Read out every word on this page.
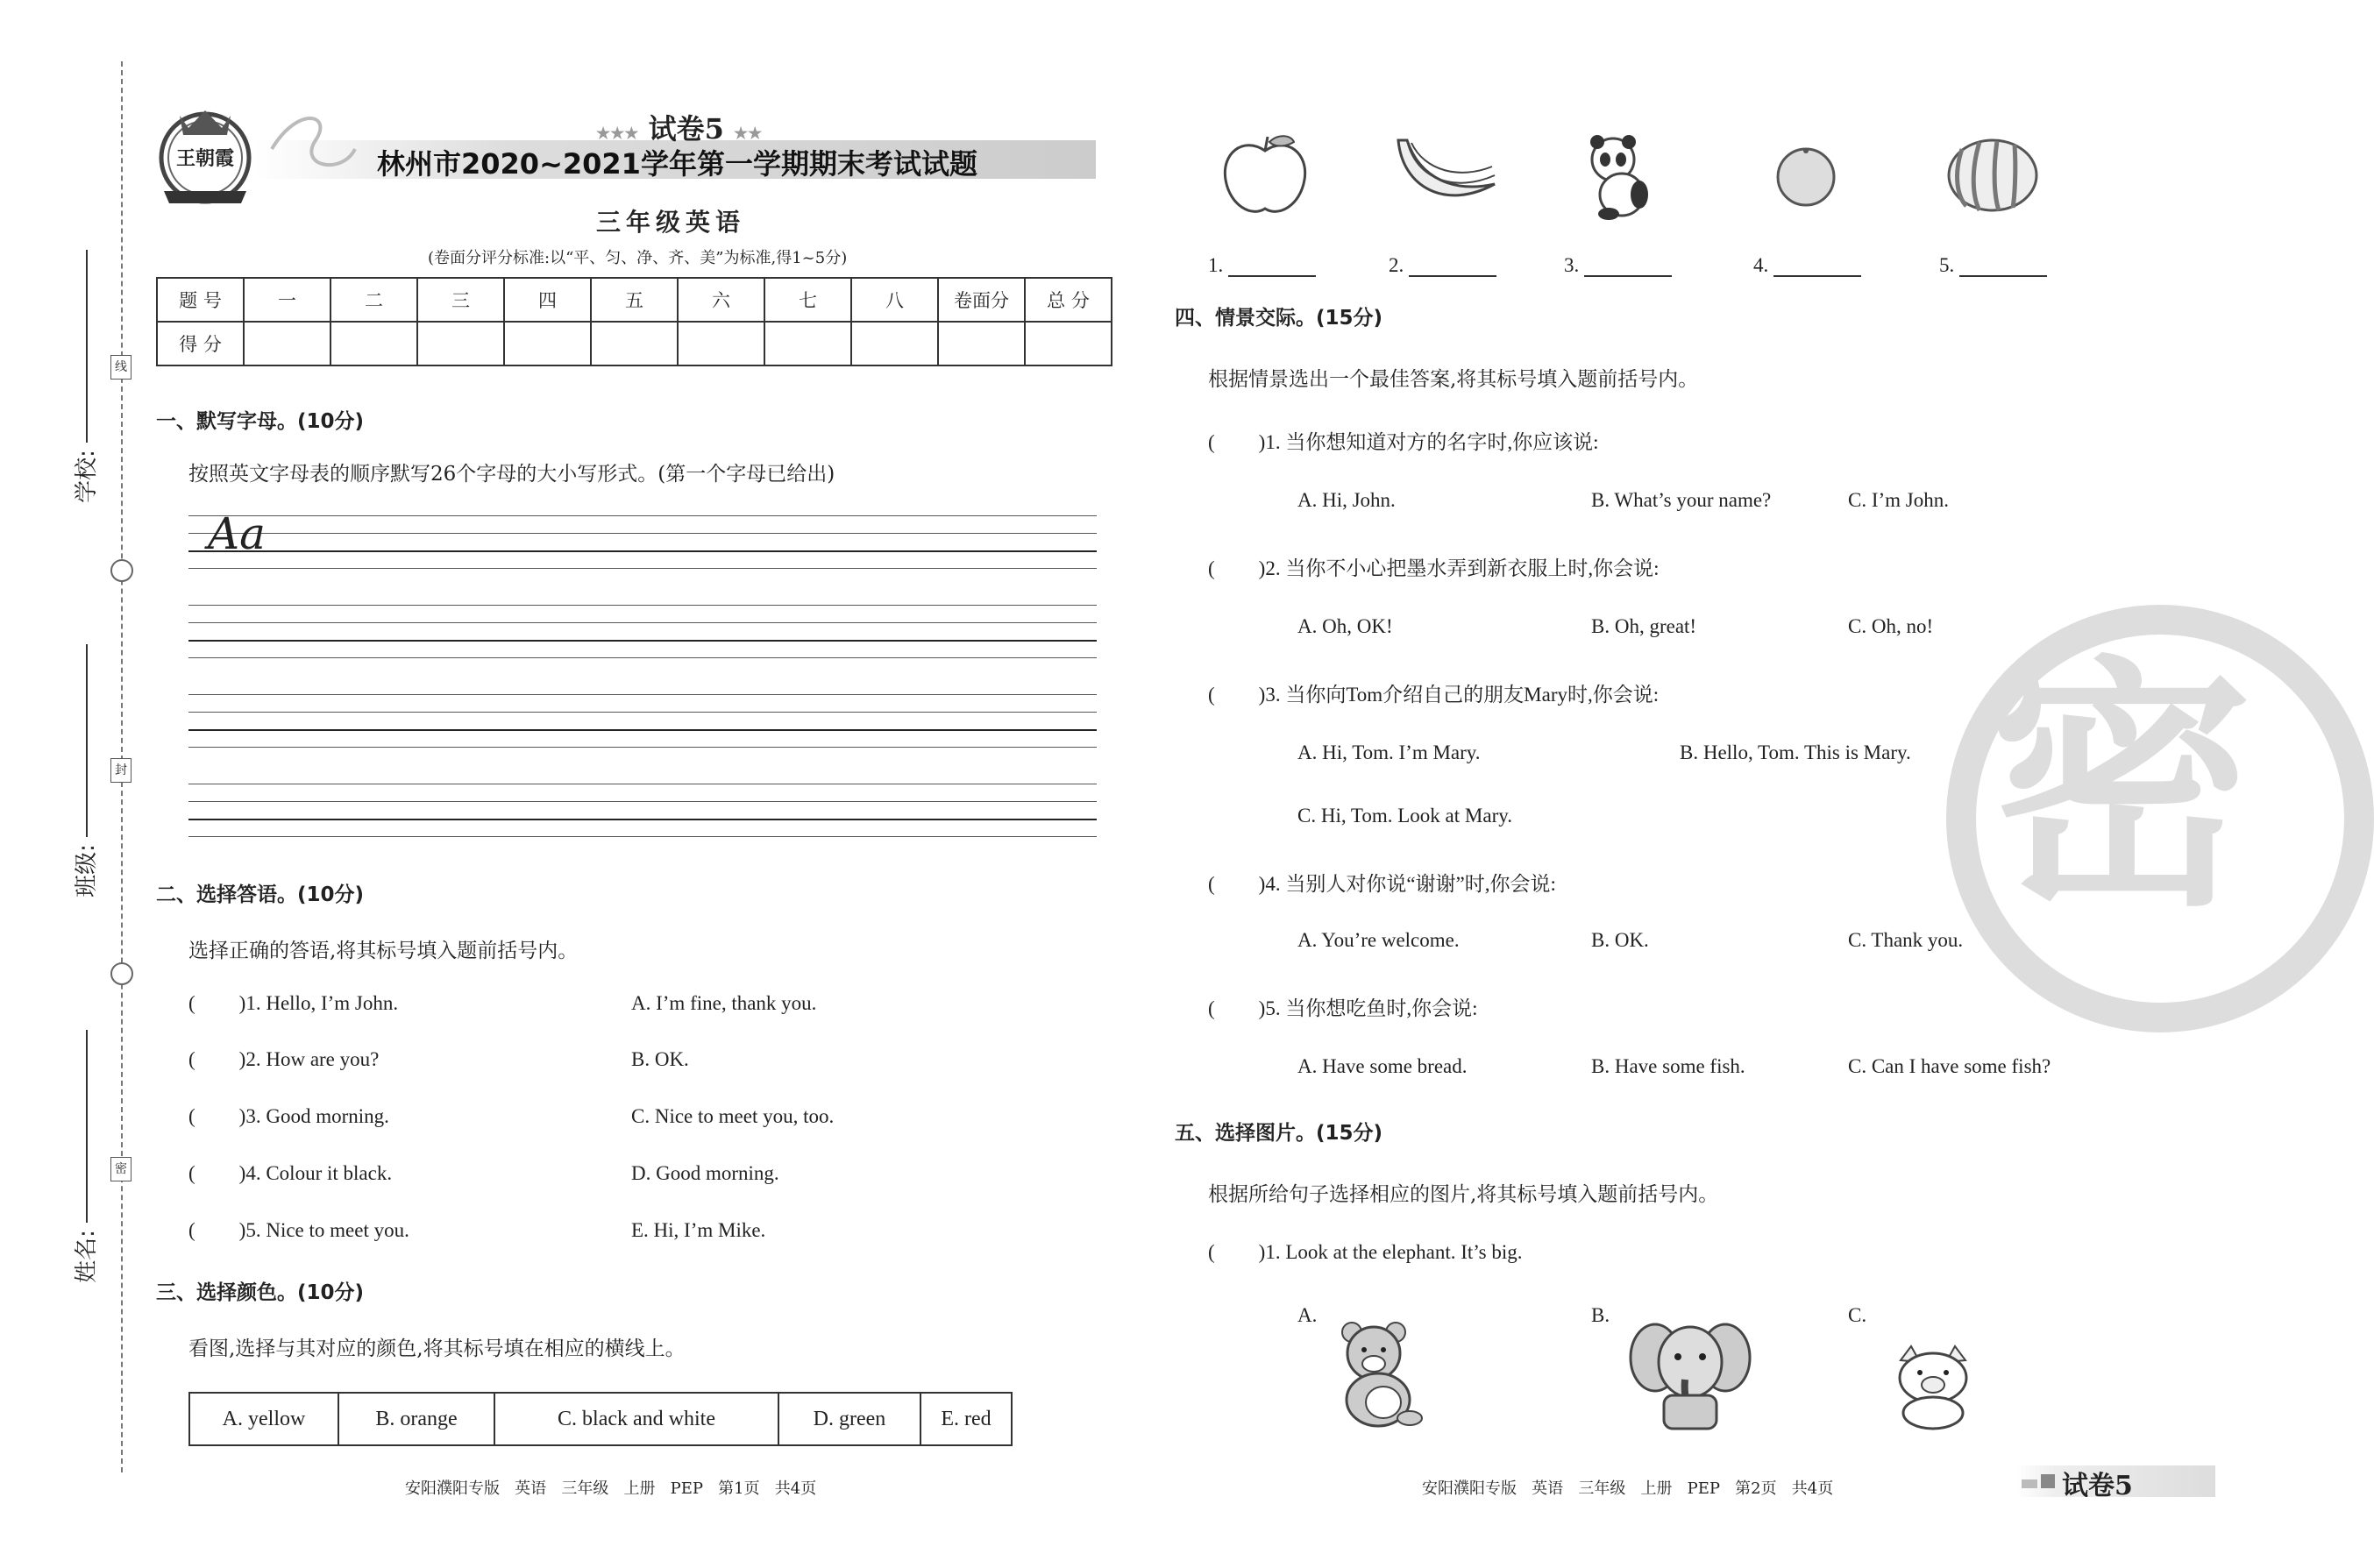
线
封
密
学校:
班级:
姓名:
王朝霞
★★★ 试卷5 ★★
林州市2020~2021学年第一学期期末考试试题
三年级英语
(卷面分评分标准:以“平、匀、净、齐、美”为标准,得1~5分)
题 号	一	二	三	四	五	六	七	八	卷面分	总 分
得 分										
一、默写字母。(10分)
按照英文字母表的顺序默写26个字母的大小写形式。(第一个字母已给出)
Aa
二、选择答语。(10分)
选择正确的答语,将其标号填入题前括号内。
( )1. Hello, I’m John.	A. I’m fine, thank you.
( )2. How are you?	B. OK.
( )3. Good morning.	C. Nice to meet you, too.
( )4. Colour it black.	D. Good morning.
( )5. Nice to meet you.	E. Hi, I’m Mike.
三、选择颜色。(10分)
看图,选择与其对应的颜色,将其标号填在相应的横线上。
A. yellow	B. orange	C. black and white	D. green	E. red
安阳濮阳专版   英语   三年级   上册   PEP   第1页   共4页
密
1.	2.	3.	4.	5.
四、情景交际。(15分)
根据情景选出一个最佳答案,将其标号填入题前括号内。
( )1. 当你想知道对方的名字时,你应该说:
A. Hi, John.	B. What’s your name?	C. I’m John.
( )2. 当你不小心把墨水弄到新衣服上时,你会说:
A. Oh, OK!	B. Oh, great!	C. Oh, no!
( )3. 当你向Tom介绍自己的朋友Mary时,你会说:
A. Hi, Tom. I’m Mary.	B. Hello, Tom. This is Mary.
C. Hi, Tom. Look at Mary.
( )4. 当别人对你说“谢谢”时,你会说:
A. You’re welcome.	B. OK.	C. Thank you.
( )5. 当你想吃鱼时,你会说:
A. Have some bread.	B. Have some fish.	C. Can I have some fish?
五、选择图片。(15分)
根据所给句子选择相应的图片,将其标号填入题前括号内。
( )1. Look at the elephant. It’s big.
A.	B.	C.
安阳濮阳专版   英语   三年级   上册   PEP   第2页   共4页	试卷5
